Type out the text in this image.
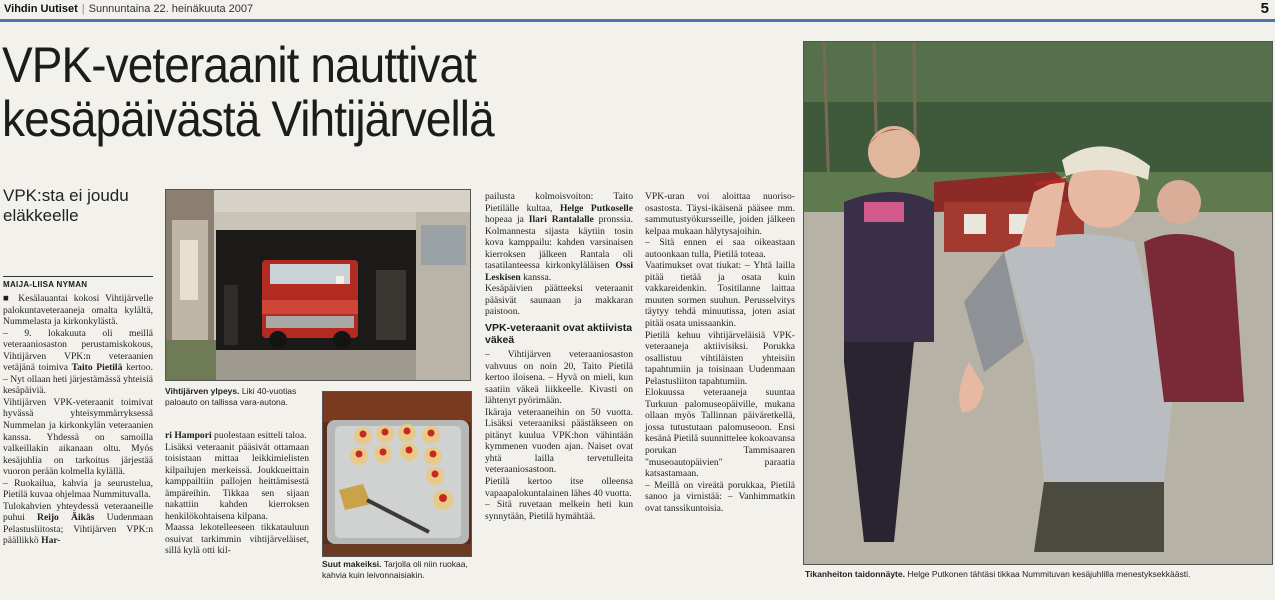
Vihdin Uutiset | Sunnuntaina 22. heinäkuuta 2007	5
VPK-veteraanit nauttivat
kesäpäivästä Vihtijärvellä
VPK:sta ei joudu
eläkkeelle
MAIJA-LIISA NYMAN

■ Kesälauantai kokosi Vihtijärvelle palokuntaveteraaneja omalta kylältä, Nummelasta ja kirkonkylästä.

– 9. lokakuuta oli meillä veteraaniosaston perustamiskokous, Vihtijärven VPK:n veteraanien vetäjänä toimiva Taito Pietilä kertoo. – Nyt ollaan heti järjestämässä yhteisiä kesäpäiviä.

Vihtijärven VPK-veteraanit toimivat hyvässä yhteisymmärryksessä Nummelan ja kirkonkylän veteraanien kanssa. Yhdessä on samoilla valkeillakin aikanaan oltu. Myös kesäjuhlia on tarkoitus järjestää vuoron perään kolmella kylällä.

– Ruokailua, kahvia ja seurustelua, Pietilä kuvaa ohjelmaa Nummituvalla.

Tulokahvien yhteydessä veteraaneille puhui Reijo Äikäs Uudenmaan Pelastusliitosta; Vihtijärven VPK:n päällikkö Har-

Vihtijärven ylpeys. Liki 40-vuotias paloauto on tallissa vara-autona.

ri Hampori puolestaan esitteli taloa.

Lisäksi veteraanit pääsivät ottamaan toisistaan mittaa leikkimielisten kilpailujen merkeissä. Joukkueittain kamppailtiin pallojen heittämisestä ämpäreihin. Tikkaa sen sijaan nakattiin kahden kierroksen henkilökohtaisena kilpana.

Maassa lekotelleeseen tikkatauluun osuivat tarkimmin vihtijärveläiset, sillä kylä otti kil-

Suut makeiksi. Tarjolla oli niin ruokaa, kahvia kuin leivonnaisiakin.

pailusta kolmoisvoiton: Taito Pietilälle kultaa, Helge Putkoselle hopeaa ja Ilari Rantalalle pronssia. Kolmannesta sijasta käytiin tosin kova kamppailu: kahden varsinaisen kierroksen jälkeen Rantala oli tasatilanteessa kirkonkyläläisen Ossi Leskisen kanssa.

Kesäpäivien päätteeksi veteraanit pääsivät saunaan ja makkaran paistoon.

VPK-veteraanit ovat aktiivista väkeä

– Vihtijärven veteraaniosaston vahvuus on noin 20, Taito Pietilä kertoo iloisena. – Hyvä on mieli, kun saatiin väkeä liikkeelle. Kivasti on lähtenyt pyörimään.

Ikäraja veteraaneihin on 50 vuotta. Lisäksi veteraaniksi päästäkseen on pitänyt kuulua VPK:hon vähintään kymmenen vuoden ajan. Naiset ovat yhtä lailla tervetulleita veteraaniosastoon.

Pietilä kertoo itse olleensa vapaapalokuntalainen lähes 40 vuotta.

– Sitä ruvetaan melkein heti kun synnytään, Pietilä hymähtää.

VPK-uran voi aloittaa nuoriso-osastosta. Täysi-ikäisenä pääsee mm. sammutustyökursseille, joiden jälkeen kelpaa mukaan hälytysajoihin.

– Sitä ennen ei saa oikeastaan autoonkaan tulla, Pietilä toteaa.

Vaatimukset ovat tiukat: – Yhtä lailla pitää tietää ja osata kuin vakkareidenkin. Tositilanne laittaa muuten sormen suuhun. Perusselvitys täytyy tehdä minuutissa, joten asiat pitää osata unissaankin.

Pietilä kehuu vihtijärveläisiä VPK-veteraaneja aktiivisiksi. Porukka osallistuu vihtiläisten yhteisiin tapahtumiin ja toisinaan Uudenmaan Pelastusliiton tapahtumiin.

Elokuussa veteraaneja suuntaa Turkuun palomuseopäiville, mukana ollaan myös Tallinnan päiväretkellä, jossa tutustutaan palomuseoon. Ensi kesänä Pietilä suunnittelee kokoavansa porukan Tammisaaren "museoautopäivien" paraatia katsastamaan.

– Meillä on vireätä porukkaa, Pietilä sanoo ja virnistää: – Vanhimmatkin ovat tanssikuntoisia.

Tikanheiton taidonnäyte. Helge Putkonen tähtäsi tikkaa Nummituvan kesäjuhlilla menestyksekkäästi.
